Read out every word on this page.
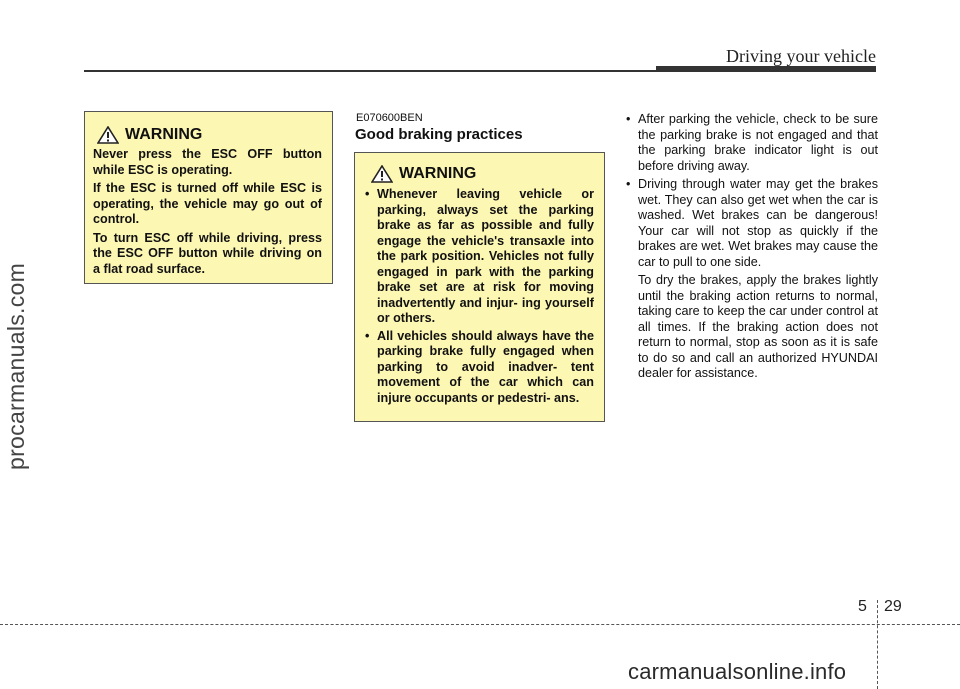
procarmanuals.com
Driving your vehicle
WARNING

Never press the ESC OFF button while ESC is operating.

If the ESC is turned off while ESC is operating, the vehicle may go out of control.

To turn ESC off while driving, press the ESC OFF button while driving on a flat road surface.

E070600BEN
Good braking practices
WARNING
• Whenever leaving vehicle or parking, always set the parking brake as far as possible and fully engage the vehicle's transaxle into the park position. Vehicles not fully engaged in park with the parking brake set are at risk for moving inadvertently and injur- ing yourself or others.
• All vehicles should always have the parking brake fully engaged when parking to avoid inadver- tent movement of the car which can injure occupants or pedestri- ans.
• After parking the vehicle, check to be sure the parking brake is not engaged and that the parking brake indicator light is out before driving away.
• Driving through water may get the brakes wet. They can also get wet when the car is washed. Wet brakes can be dangerous! Your car will not stop as quickly if the brakes are wet. Wet brakes may cause the car to pull to one side.

To dry the brakes, apply the brakes lightly until the braking action returns to normal, taking care to keep the car under control at all times. If the braking action does not return to normal, stop as soon as it is safe to do so and call an authorized HYUNDAI dealer for assistance.

5 29
carmanualsonline.info
